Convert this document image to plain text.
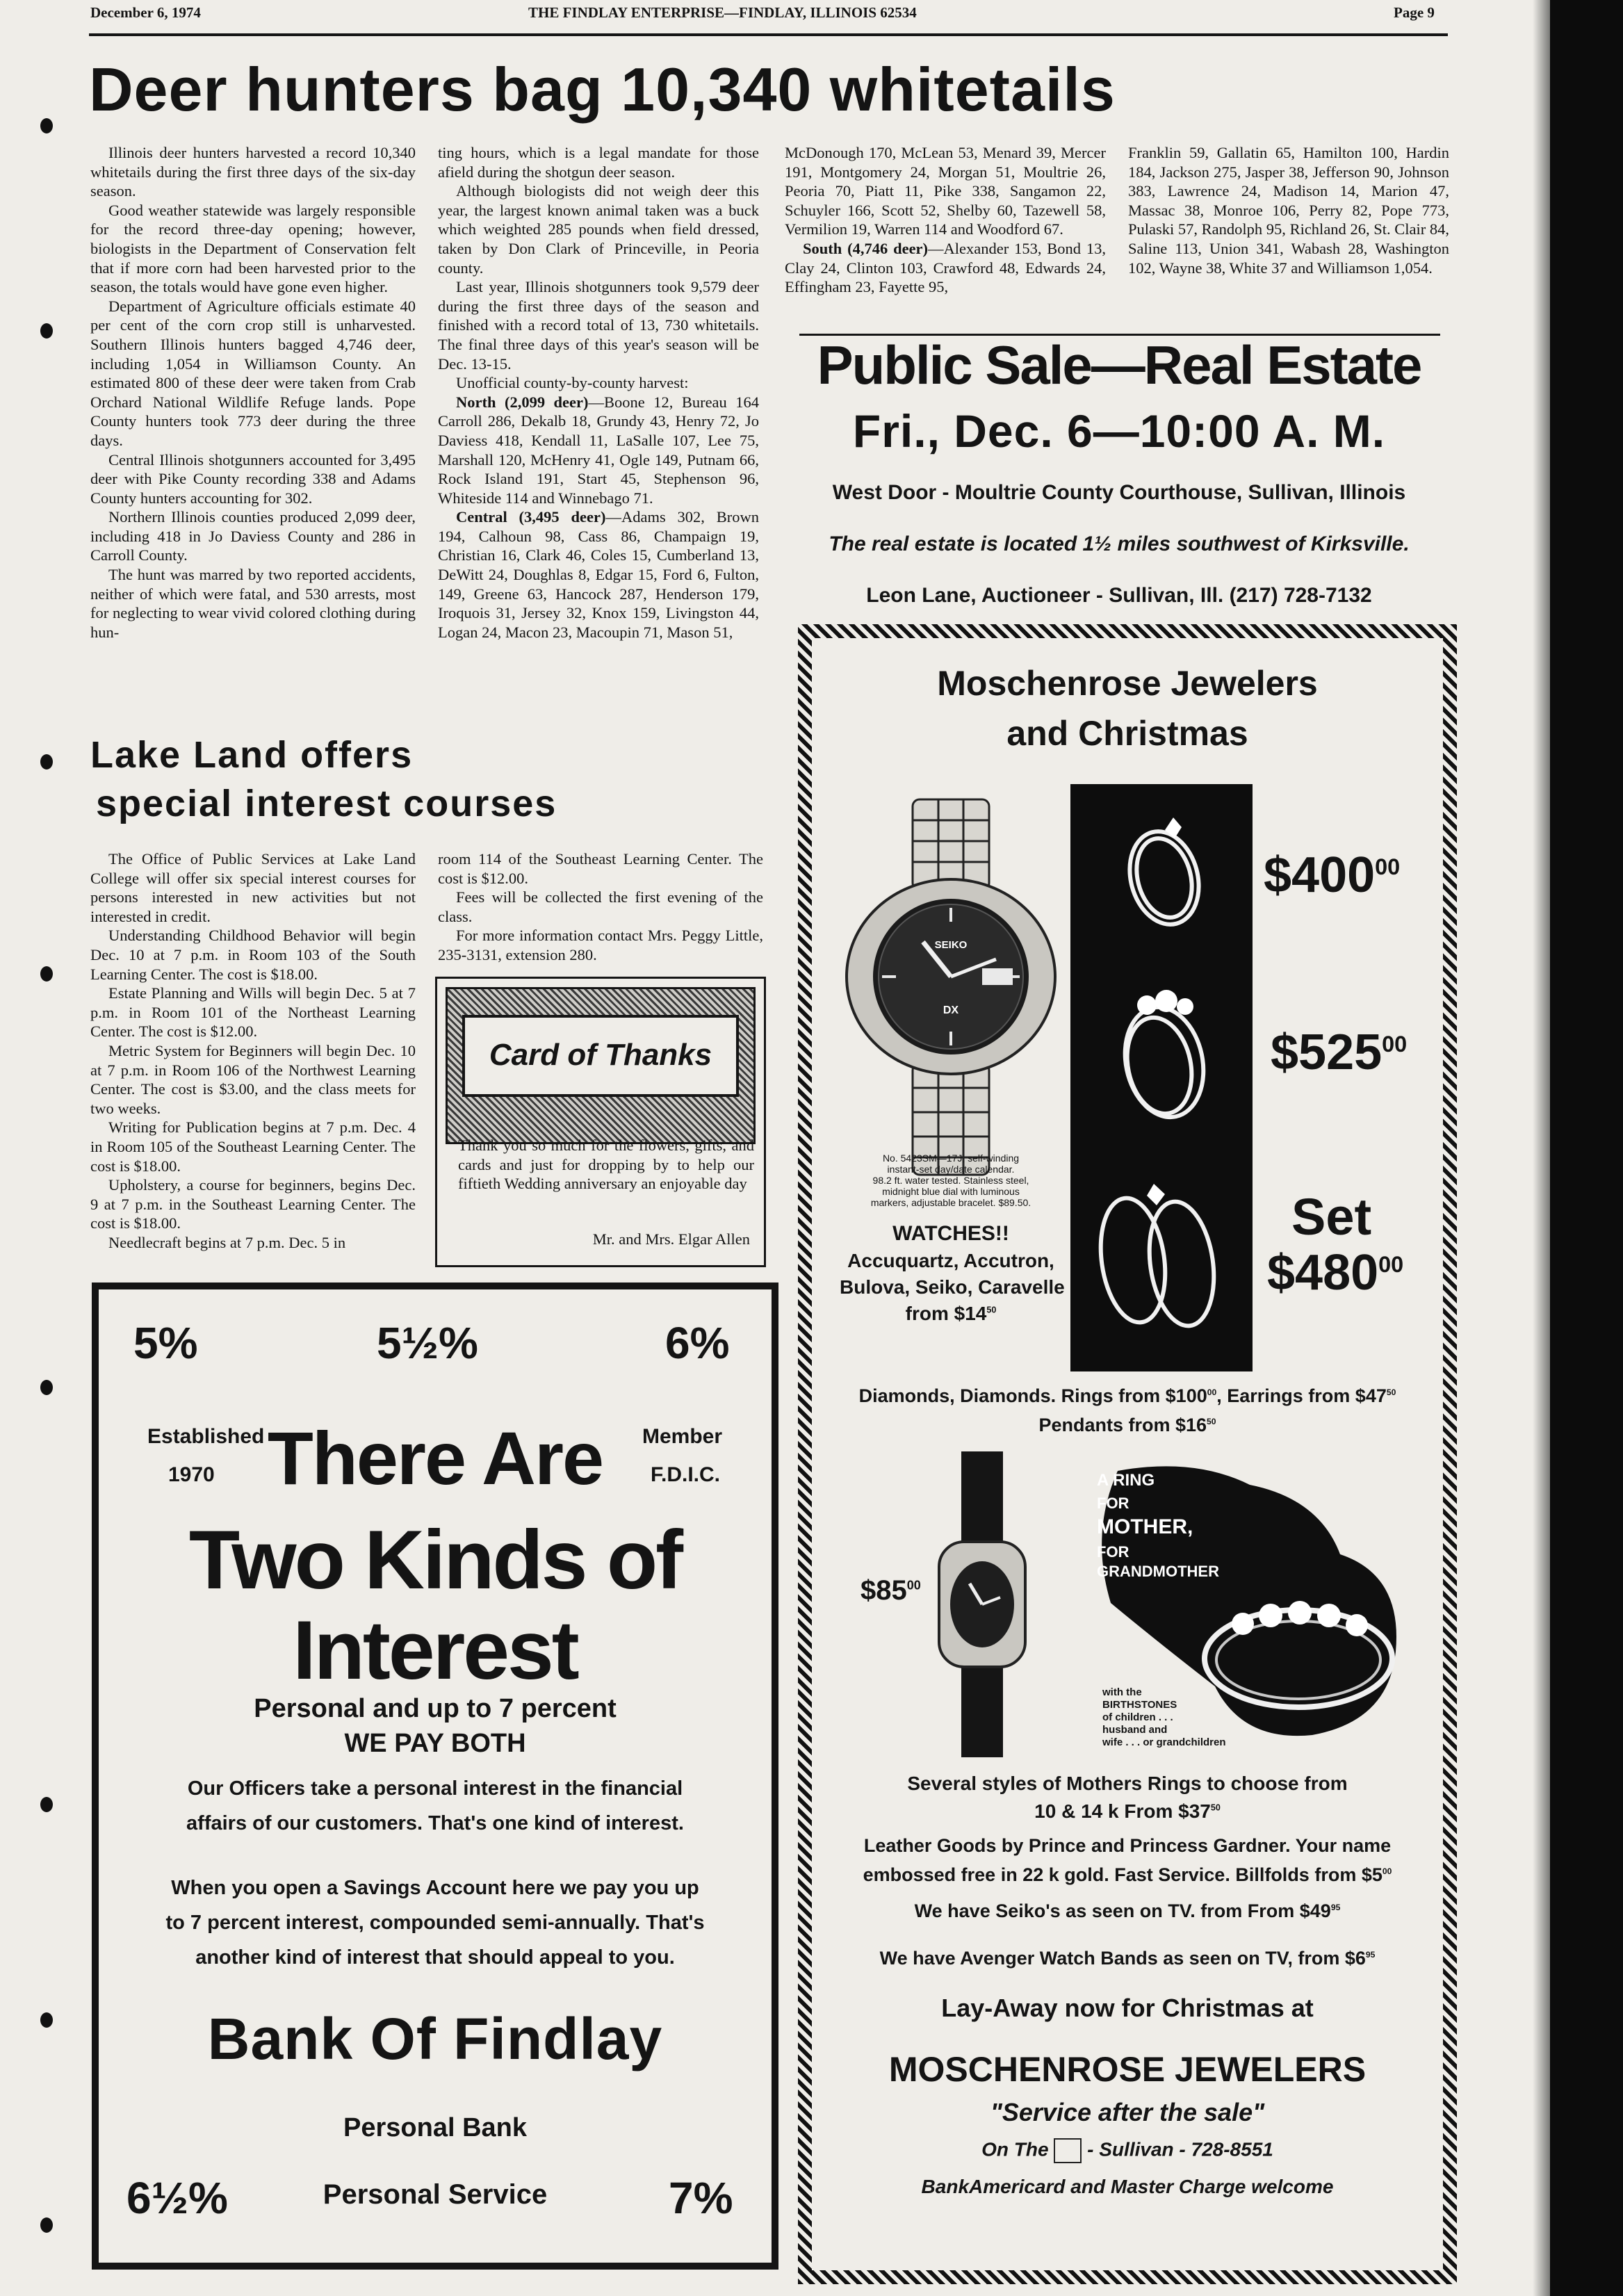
December 6, 1974	THE FINDLAY ENTERPRISE—FINDLAY, ILLINOIS 62534	Page 9
Deer hunters bag 10,340 whitetails

Illinois deer hunters harvested a record 10,340 whitetails during the first three days of the six-day season.

Good weather statewide was largely responsible for the record three-day opening; however, biologists in the Department of Conservation felt that if more corn had been harvested prior to the season, the totals would have gone even higher.

Department of Agriculture officials estimate 40 per cent of the corn crop still is unharvested. Southern Illinois hunters bagged 4,746 deer, including 1,054 in Williamson County. An estimated 800 of these deer were taken from Crab Orchard National Wildlife Refuge lands. Pope County hunters took 773 deer during the three days.

Central Illinois shotgunners accounted for 3,495 deer with Pike County recording 338 and Adams County hunters accounting for 302.

Northern Illinois counties produced 2,099 deer, including 418 in Jo Daviess County and 286 in Carroll County.

The hunt was marred by two reported accidents, neither of which were fatal, and 530 arrests, most for neglecting to wear vivid colored clothing during hun-

ting hours, which is a legal mandate for those afield during the shotgun deer season.

Although biologists did not weigh deer this year, the largest known animal taken was a buck which weighted 285 pounds when field dressed, taken by Don Clark of Princeville, in Peoria county.

Last year, Illinois shotgunners took 9,579 deer during the first three days of the season and finished with a record total of 13, 730 whitetails. The final three days of this year's season will be Dec. 13-15.

Unofficial county-by-county harvest:

North (2,099 deer)—Boone 12, Bureau 164 Carroll 286, Dekalb 18, Grundy 43, Henry 72, Jo Daviess 418, Kendall 11, LaSalle 107, Lee 75, Marshall 120, McHenry 41, Ogle 149, Putnam 66, Rock Island 191, Start 45, Stephenson 96, Whiteside 114 and Winnebago 71.

Central (3,495 deer)—Adams 302, Brown 194, Calhoun 98, Cass 86, Champaign 19, Christian 16, Clark 46, Coles 15, Cumberland 13, DeWitt 24, Doughlas 8, Edgar 15, Ford 6, Fulton, 149, Greene 63, Hancock 287, Henderson 179, Iroquois 31, Jersey 32, Knox 159, Livingston 44, Logan 24, Macon 23, Macoupin 71, Mason 51,

McDonough 170, McLean 53, Menard 39, Mercer 191, Montgomery 24, Morgan 51, Moultrie 26, Peoria 70, Piatt 11, Pike 338, Sangamon 22, Schuyler 166, Scott 52, Shelby 60, Tazewell 58, Vermilion 19, Warren 114 and Woodford 67.

South (4,746 deer)—Alexander 153, Bond 13, Clay 24, Clinton 103, Crawford 48, Edwards 24, Effingham 23, Fayette 95,

Franklin 59, Gallatin 65, Hamilton 100, Hardin 184, Jackson 275, Jasper 38, Jefferson 90, Johnson 383, Lawrence 24, Madison 14, Marion 47, Massac 38, Monroe 106, Perry 82, Pope 773, Pulaski 57, Randolph 95, Richland 26, St. Clair 84, Saline 113, Union 341, Wabash 28, Washington 102, Wayne 38, White 37 and Williamson 1,054.

Lake Land offers
special interest courses

The Office of Public Services at Lake Land College will offer six special interest courses for persons interested in new activities but not interested in credit.

Understanding Childhood Behavior will begin Dec. 10 at 7 p.m. in Room 103 of the South Learning Center. The cost is $18.00.

Estate Planning and Wills will begin Dec. 5 at 7 p.m. in Room 101 of the Northeast Learning Center. The cost is $12.00.

Metric System for Beginners will begin Dec. 10 at 7 p.m. in Room 106 of the Northwest Learning Center. The cost is $3.00, and the class meets for two weeks.

Writing for Publication begins at 7 p.m. Dec. 4 in Room 105 of the Southeast Learning Center. The cost is $18.00.

Upholstery, a course for beginners, begins Dec. 9 at 7 p.m. in the Southeast Learning Center. The cost is $18.00.

Needlecraft begins at 7 p.m. Dec. 5 in

room 114 of the Southeast Learning Center. The cost is $12.00.

Fees will be collected the first evening of the class.

For more information contact Mrs. Peggy Little, 235-3131, extension 280.

Card of Thanks

Thank you so much for the flowers, gifts, and cards and just for dropping by to help our fiftieth Wedding anniversary an enjoyable day

Mr. and Mrs. Elgar Allen

5%	5½%	6%

Established

1970

Member

F.D.I.C.

There Are

Two Kinds of

Interest

Personal and up to 7 percent

WE PAY BOTH

Our Officers take a personal interest in the financial

affairs of our customers. That's one kind of interest.

When you open a Savings Account here we pay you up

to 7 percent interest, compounded semi-annually. That's

another kind of interest that should appeal to you.

Bank Of Findlay

Personal Bank

6½%	Personal Service	7%

Public Sale—Real Estate

Fri., Dec. 6—10:00 A. M.

West Door - Moultrie County Courthouse, Sullivan, Illinois

The real estate is located 1½ miles southwest of Kirksville.

Leon Lane, Auctioneer - Sullivan, Ill. (217) 728-7132

Moschenrose Jewelers

and Christmas

SEIKO
DX

No. 5423SM—17J, self-winding

instant-set day/date calendar.

98.2 ft. water tested. Stainless steel,

midnight blue dial with luminous

markers, adjustable bracelet. $89.50.

WATCHES!!

Accuquartz, Accutron,

Bulova, Seiko, Caravelle

from $\$14^{50}$

$\$400^{00}$

$\$525^{00}$

Set

$\$480^{00}$

Diamonds, Diamonds. Rings from $\$100^{00}$, Earrings from $\$47^{50}$

Pendants from $\$16^{50}$

$\$85^{00}$

A RING

FOR

MOTHER,

FOR

GRANDMOTHER

with the

BIRTHSTONES

of children . . .

husband and

wife . . . or grandchildren

Several styles of Mothers Rings to choose from

10 & 14 k From $\$37^{50}$

Leather Goods by Prince and Princess Gardner. Your name

embossed free in 22 k gold. Fast Service. Billfolds from $\$5^{00}$

We have Seiko's as seen on TV. from From $\$49^{95}$

We have Avenger Watch Bands as seen on TV, from $\$6^{95}$

Lay-Away now for Christmas at

MOSCHENROSE JEWELERS

"Service after the sale"

On The - Sullivan - 728-8551

BankAmericard and Master Charge welcome
